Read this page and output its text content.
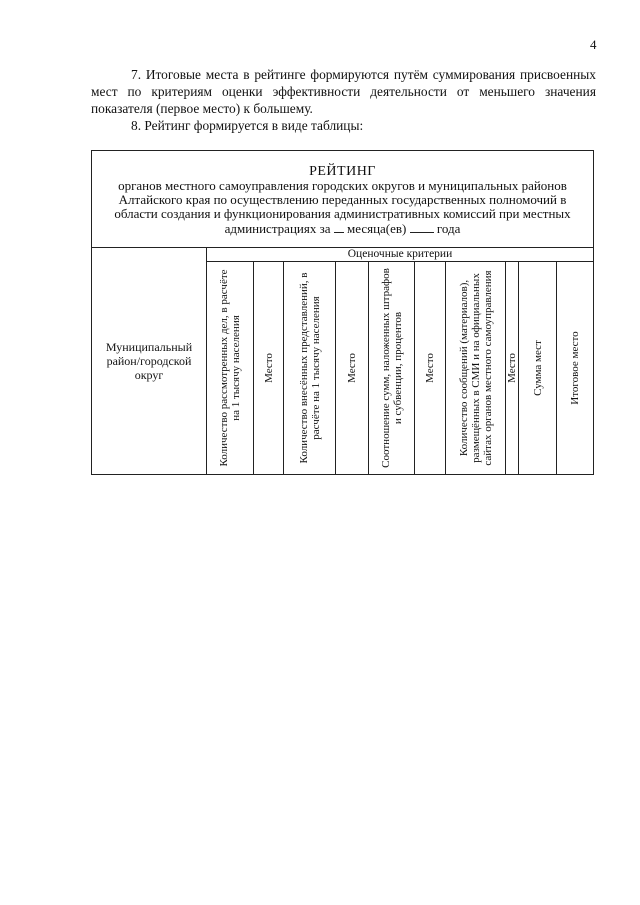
4
7. Итоговые места в рейтинге формируются путём суммирования присвоенных мест по критериям оценки эффективности деятельности от меньшего значения показателя (первое место) к большему.
8. Рейтинг формируется в виде таблицы:
РЕЙТИНГ
органов местного самоуправления городских округов и муниципальных районов Алтайского края по осуществлению переданных государственных полномочий в области создания и функционирования административных комиссий при местных администрациях за месяца(ев) года
Муниципальный район/городской округ
Оценочные критерии
Количество рассмотренных дел, в расчёте на 1 тысячу населения Место Количество внесённых представлений, в расчёте на 1 тысячу населения Место Соотношение сумм, наложенных штрафов и субвенции, процентов Место Количество сообщений (материалов), размещённых в СМИ и на официальных сайтах органов местного самоуправления Место Сумма мест Итоговое место
